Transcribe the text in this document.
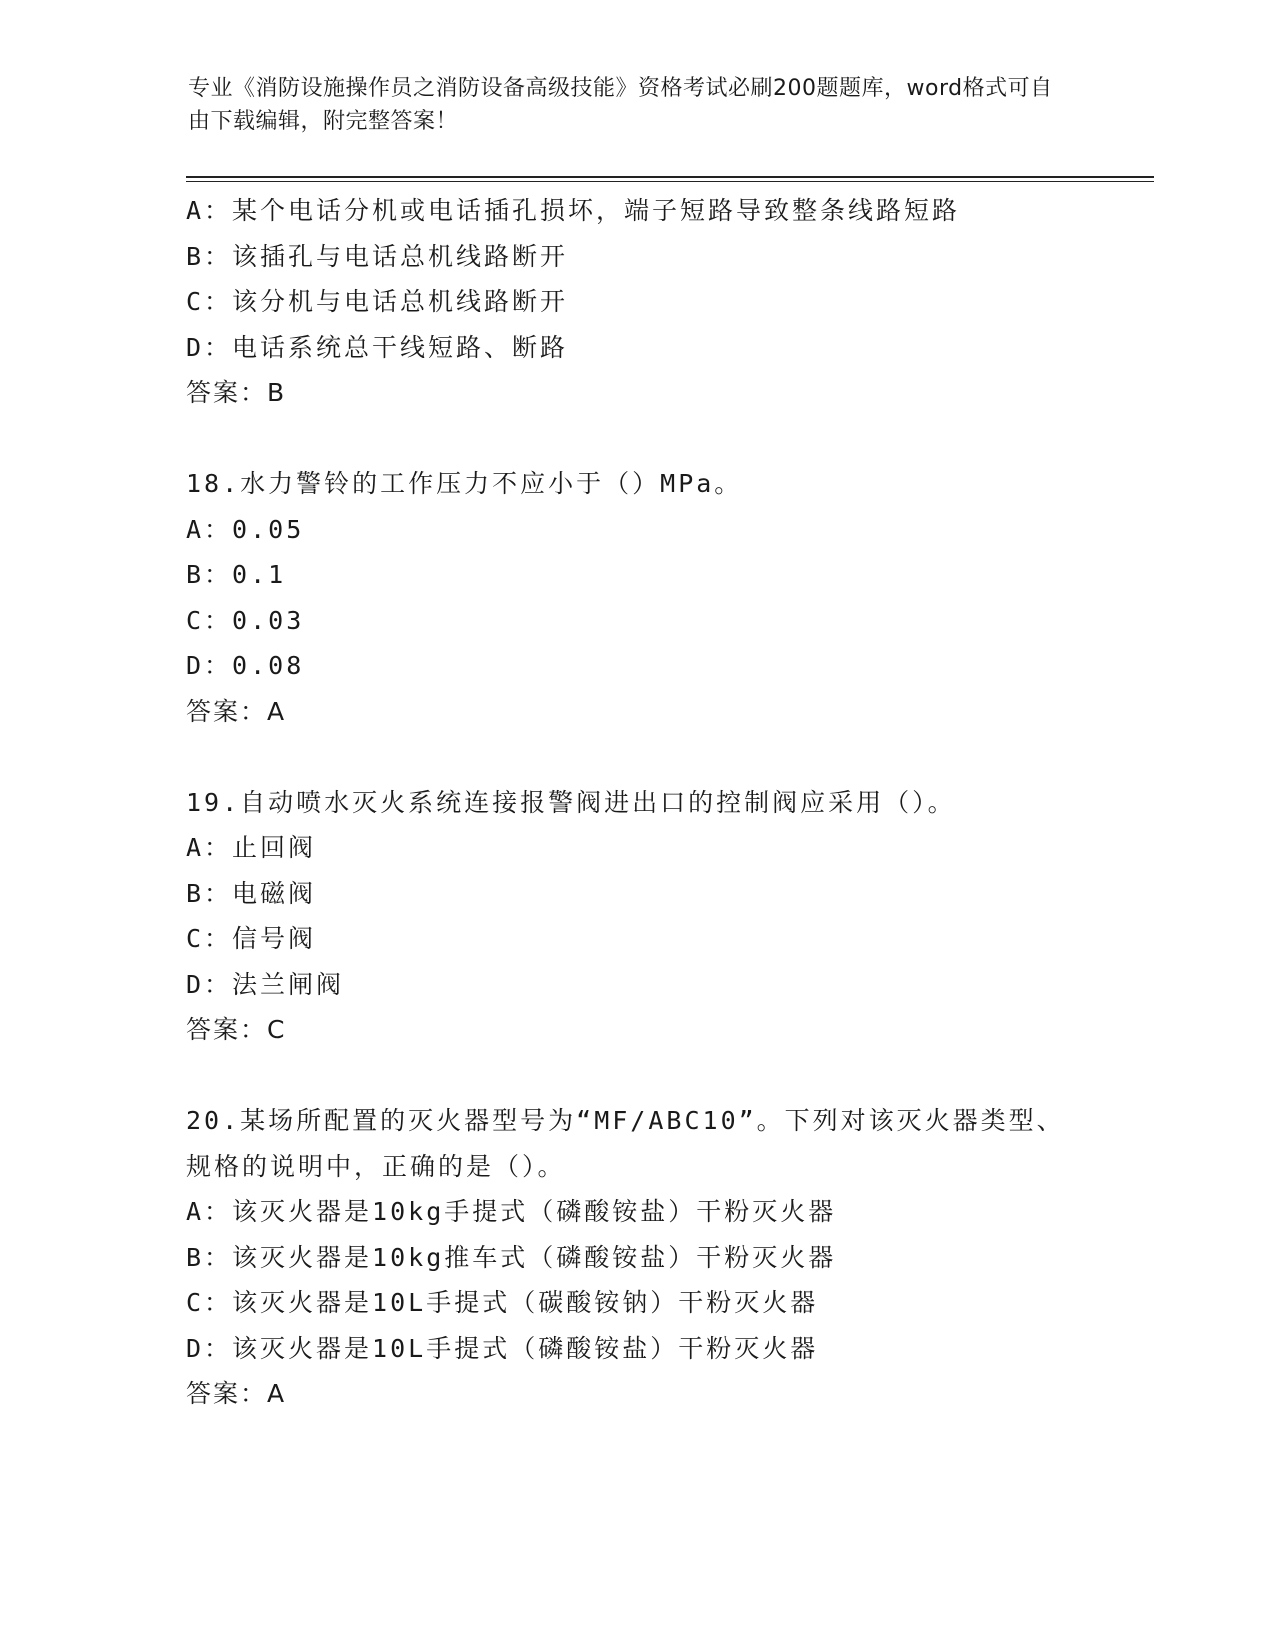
专业《消防设施操作员之消防设备高级技能》资格考试必刷200题题库，word格式可自由下载编辑，附完整答案！
A：某个电话分机或电话插孔损坏，端子短路导致整条线路短路
B：该插孔与电话总机线路断开
C：该分机与电话总机线路断开
D：电话系统总干线短路、断路
答案：B
18.水力警铃的工作压力不应小于（）MPa。
A：0.05
B：0.1
C：0.03
D：0.08
答案：A
19.自动喷水灭火系统连接报警阀进出口的控制阀应采用（）。
A：止回阀
B：电磁阀
C：信号阀
D：法兰闸阀
答案：C
20.某场所配置的灭火器型号为“MF/ABC10”。下列对该灭火器类型、规格的说明中，正确的是（）。
A：该灭火器是10kg手提式（磷酸铵盐）干粉灭火器
B：该灭火器是10kg推车式（磷酸铵盐）干粉灭火器
C：该灭火器是10L手提式（碳酸铵钠）干粉灭火器
D：该灭火器是10L手提式（磷酸铵盐）干粉灭火器
答案：A
